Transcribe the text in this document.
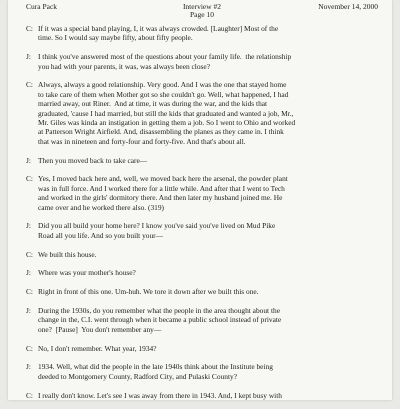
Cura Pack	Interview #2
Page 10
November 14, 2000
C: If it was a special band playing, I, it was always crowded. [Laughter] Most of the
time. So I would say maybe fifty, about fifty people.
J: I think you've answered most of the questions about your family life.  the relationship
you had with your parents, it was, was always been close?
C: Always, always a good relationship. Very good. And I was the one that stayed home
to take care of them when Mother got so she couldn't go. Well, what happened, I had
married away, out Riner.  And at time, it was during the war, and the kids that
graduated, 'cause I had married, but still the kids that graduated and wanted a job, Mr.,
Mr. Giles was kinda an instigation in getting them a job. So I went to Ohio and worked
at Patterson Wright Airfield. And, disassembling the planes as they came in. I think
that was in nineteen and forty-four and forty-five. And that's about all.
J: Then you moved back to take care—
C: Yes, I moved back here and, well, we moved back here the arsenal, the powder plant
was in full force. And I worked there for a little while. And after that I went to Tech
and worked in the girls' dormitory there. And then later my husband joined me. He
came over and he worked there also. (319)
J: Did you all build your home here? I know you've said you've lived on Mud Pike
Road all you life. And so you built your—
C: We built this house.
J: Where was your mother's house?
C: Right in front of this one. Um-huh. We tore it down after we built this one.
J: During the 1930s, do you remember what the people in the area thought about the
change in the, C.I. went through when it became a public school instead of private
one?  [Pause]  You don't remember any—
C: No, I don't remember. What year, 1934?
J: 1934. Well, what did the people in the late 1940s think about the Institute being
deeded to Montgomery County, Radford City, and Pulaski County?
C: I really don't know. Let's see I was away from there in 1943. And, I kept busy with
